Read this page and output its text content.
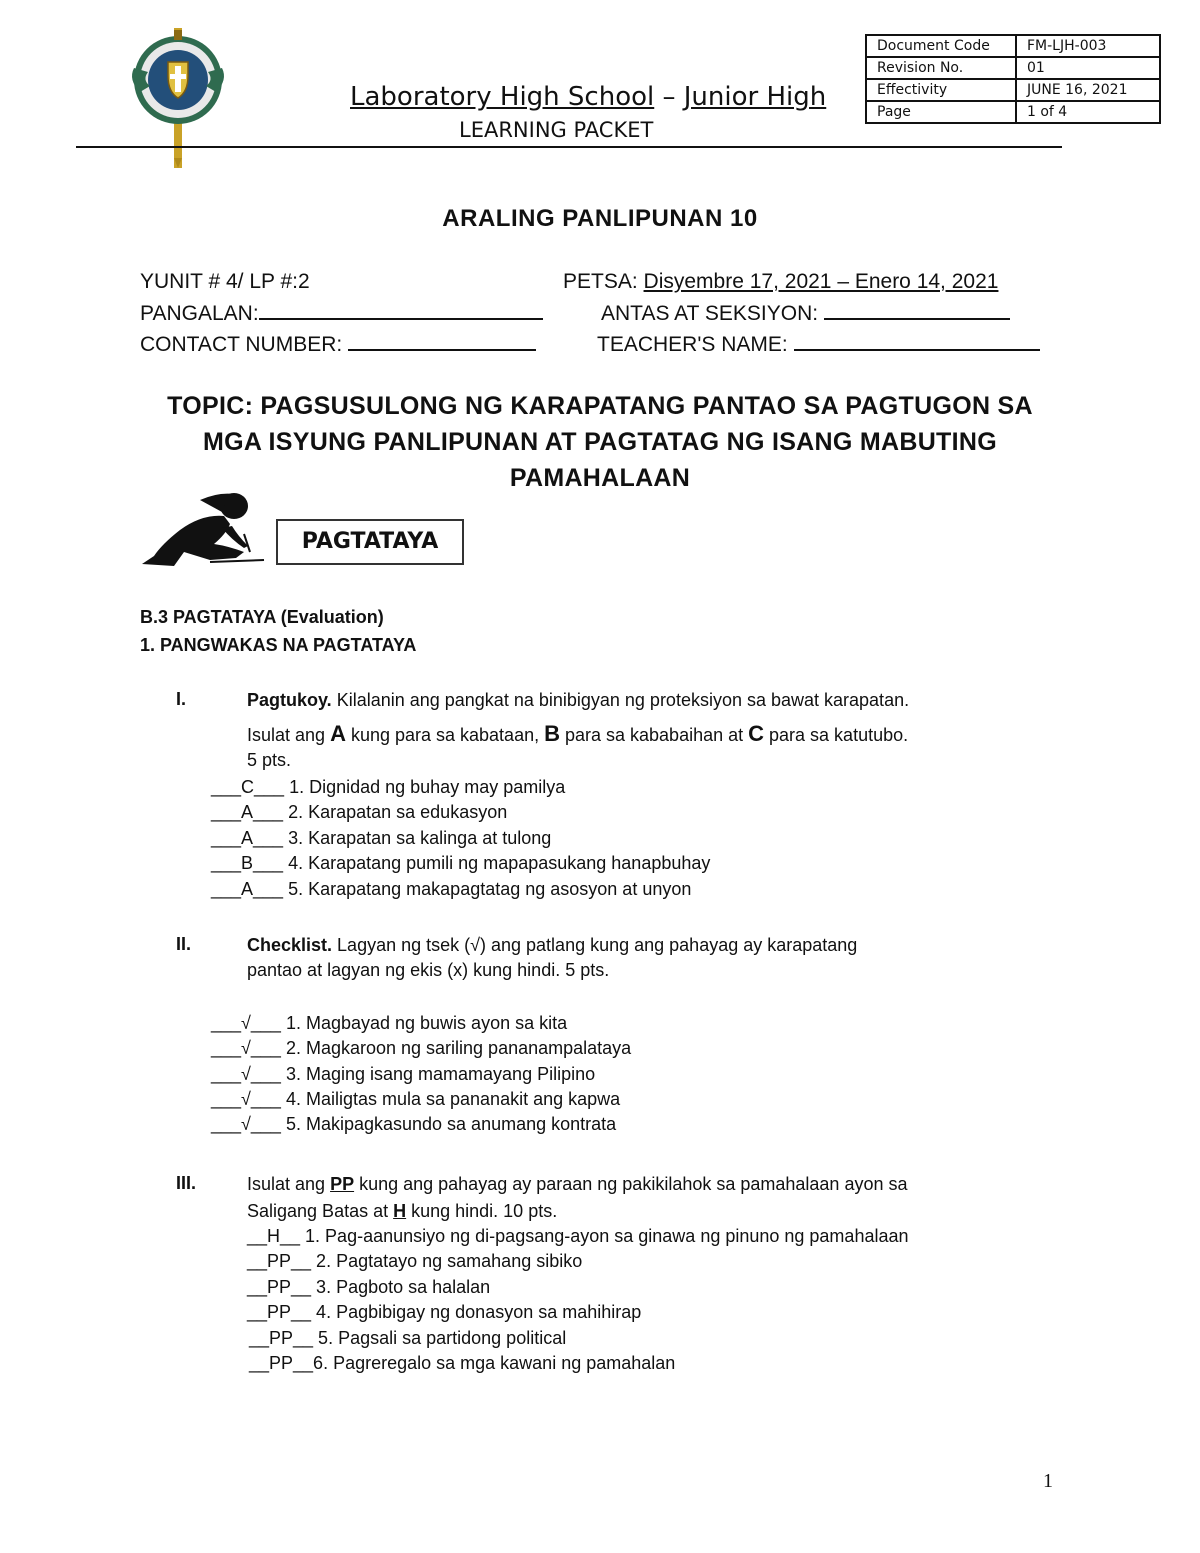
Laboratory High School – Junior High
LEARNING PACKET
Document Code	FM-LJH-003
Revision No.	01
Effectivity	JUNE 16, 2021
Page	1 of 4
ARALING PANLIPUNAN 10
YUNIT # 4/ LP #:2	PETSA: Disyembre 17, 2021 – Enero 14, 2021
PANGALAN:	ANTAS AT SEKSIYON:
CONTACT NUMBER:	TEACHER'S NAME:
TOPIC: PAGSUSULONG NG KARAPATANG PANTAO SA PAGTUGON SA
MGA ISYUNG PANLIPUNAN AT PAGTATAG NG ISANG MABUTING
PAMAHALAAN
PAGTATAYA
B.3 PAGTATAYA (Evaluation)
1. PANGWAKAS NA PAGTATAYA
I.	Pagtukoy. Kilalanin ang pangkat na binibigyan ng proteksiyon sa bawat karapatan.
Isulat ang A kung para sa kabataan, B para sa kababaihan at C para sa katutubo.
5 pts.
___C___ 1. Dignidad ng buhay may pamilya
___A___ 2. Karapatan sa edukasyon
___A___ 3. Karapatan sa kalinga at tulong
___B___ 4. Karapatang pumili ng mapapasukang hanapbuhay
___A___ 5. Karapatang makapagtatag ng asosyon at unyon
II.	Checklist. Lagyan ng tsek (√) ang patlang kung ang pahayag ay karapatang
pantao at lagyan ng ekis (x) kung hindi. 5 pts.
___√___ 1. Magbayad ng buwis ayon sa kita
___√___ 2. Magkaroon ng sariling pananampalataya
___√___ 3. Maging isang mamamayang Pilipino
___√___ 4. Mailigtas mula sa pananakit ang kapwa
___√___ 5. Makipagkasundo sa anumang kontrata
III.	Isulat ang PP kung ang pahayag ay paraan ng pakikilahok sa pamahalaan ayon sa
Saligang Batas at H kung hindi. 10 pts.
__H__ 1. Pag-aanunsiyo ng di-pagsang-ayon sa ginawa ng pinuno ng pamahalaan
__PP__ 2. Pagtatayo ng samahang sibiko
__PP__ 3. Pagboto sa halalan
__PP__ 4. Pagbibigay ng donasyon sa mahihirap
__PP__ 5. Pagsali sa partidong political
__PP__6. Pagreregalo sa mga kawani ng pamahalan
1
